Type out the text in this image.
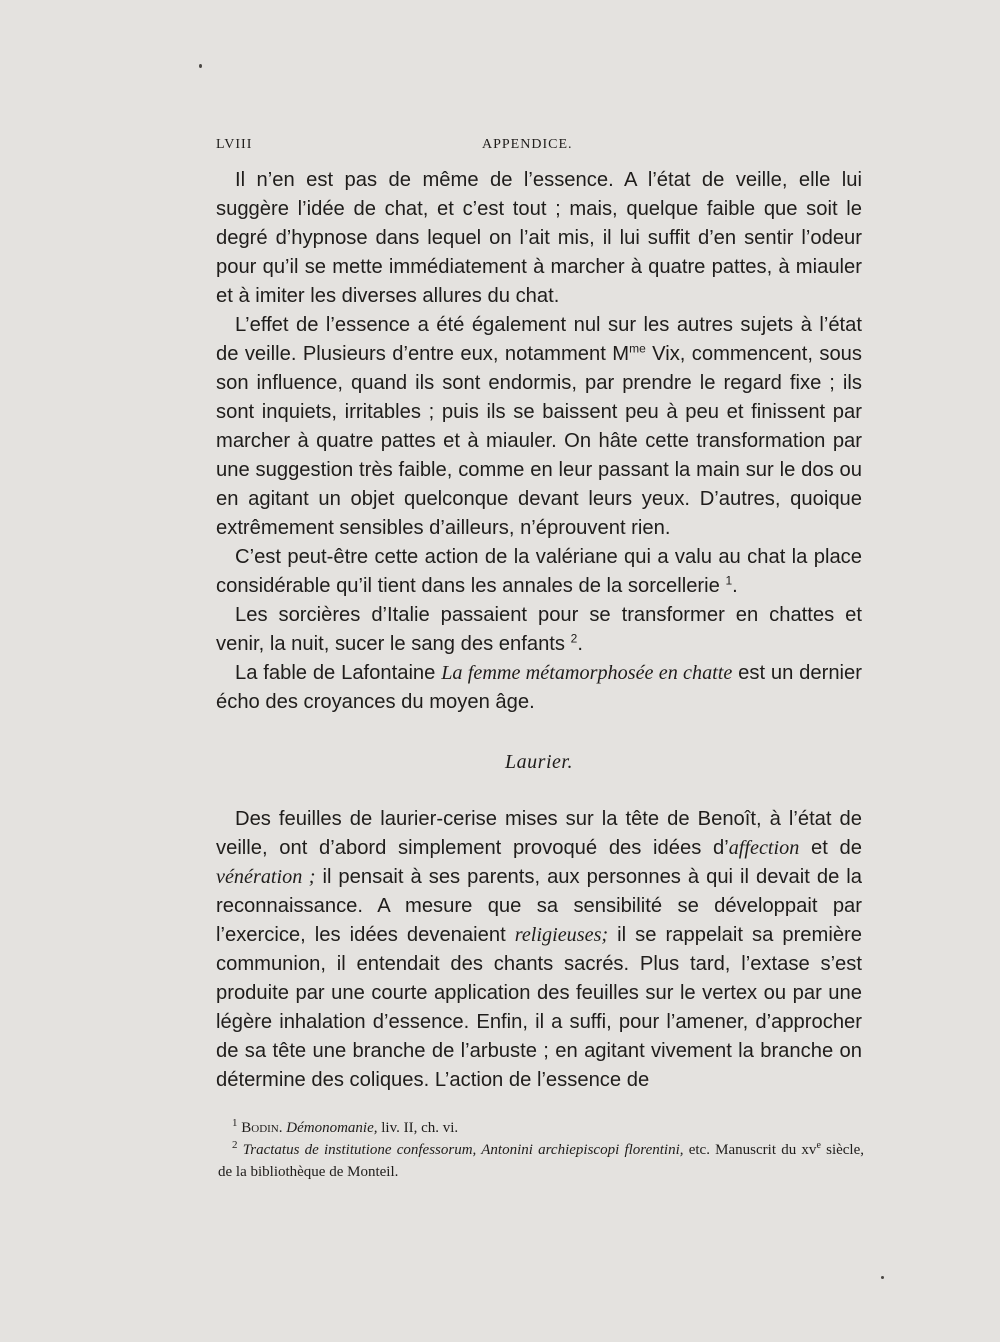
LVIII	APPENDICE.

Il n’en est pas de même de l’essence. A l’état de veille, elle lui suggère l’idée de chat, et c’est tout ; mais, quelque faible que soit le degré d’hypnose dans lequel on l’ait mis, il lui suffit d’en sentir l’odeur pour qu’il se mette immédiatement à marcher à quatre pattes, à miauler et à imiter les diverses allures du chat.

L’effet de l’essence a été également nul sur les autres sujets à l’état de veille. Plusieurs d’entre eux, notamment $M^{me}$ Vix, commencent, sous son influence, quand ils sont endormis, par prendre le regard fixe ; ils sont inquiets, irritables ; puis ils se baissent peu à peu et finissent par marcher à quatre pattes et à miauler. On hâte cette transformation par une suggestion très faible, comme en leur passant la main sur le dos ou en agitant un objet quelconque devant leurs yeux. D’autres, quoique extrêmement sensibles d’ailleurs, n’éprouvent rien.

C’est peut-être cette action de la valériane qui a valu au chat la place considérable qu’il tient dans les annales de la sorcellerie $^1$.

Les sorcières d’Italie passaient pour se transformer en chattes et venir, la nuit, sucer le sang des enfants $^2$.

La fable de Lafontaine La femme métamorphosée en chatte est un dernier écho des croyances du moyen âge.

Laurier.

Des feuilles de laurier-cerise mises sur la tête de Benoît, à l’état de veille, ont d’abord simplement provoqué des idées d’affection et de vénération ; il pensait à ses parents, aux personnes à qui il devait de la reconnaissance. A mesure que sa sensibilité se développait par l’exercice, les idées devenaient religieuses; il se rappelait sa première communion, il entendait des chants sacrés. Plus tard, l’extase s’est produite par une courte application des feuilles sur le vertex ou par une légère inhalation d’essence. Enfin, il a suffi, pour l’amener, d’approcher de sa tête une branche de l’arbuste ; en agitant vivement la branche on détermine des coliques. L’action de l’essence de

$^1$ Bodin. Démonomanie, liv. II, ch. vi.

$^2$ Tractatus de institutione confessorum, Antonini archiepiscopi florentini, etc. Manuscrit du $xv^e$ siècle, de la bibliothèque de Monteil.
